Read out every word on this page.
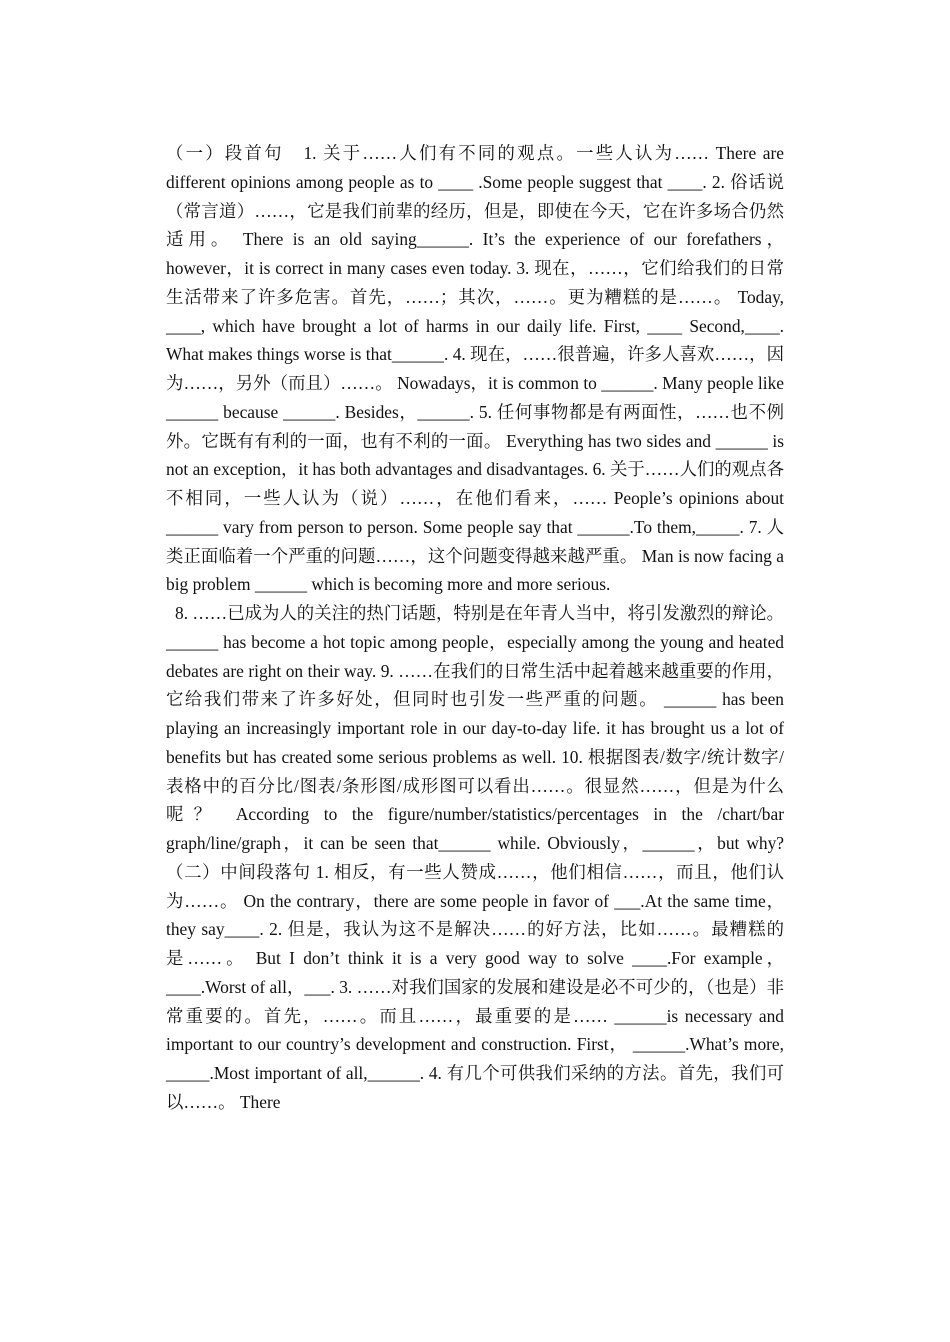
（一）段首句　1. 关于……人们有不同的观点。一些人认为…… There are different opinions among people as to ____ .Some people suggest that ____. 2. 俗话说（常言道）……，它是我们前辈的经历，但是，即使在今天，它在许多场合仍然适用。 There is an old saying______. It’s the experience of our forefathers，however，it is correct in many cases even today. 3. 现在，……，它们给我们的日常生活带来了许多危害。首先，……；其次，……。更为糟糕的是……。 Today, ____, which have brought a lot of harms in our daily life. First, ____ Second,____. What makes things worse is that______. 4. 现在，……很普遍，许多人喜欢……，因为……，另外（而且）……。 Nowadays，it is common to ______. Many people like ______ because ______. Besides，______. 5. 任何事物都是有两面性，……也不例外。它既有有利的一面，也有不利的一面。 Everything has two sides and ______ is not an exception，it has both advantages and disadvantages. 6. 关于……人们的观点各不相同，一些人认为（说）……，在他们看来，…… People’s opinions about ______ vary from person to person. Some people say that ______.To them,_____. 7. 人类正面临着一个严重的问题……，这个问题变得越来越严重。 Man is now facing a big problem ______ which is becoming more and more serious.

8. ……已成为人的关注的热门话题，特别是在年青人当中，将引发激烈的辩论。 ______ has become a hot topic among people，especially among the young and heated debates are right on their way. 9. ……在我们的日常生活中起着越来越重要的作用，它给我们带来了许多好处，但同时也引发一些严重的问题。 ______ has been playing an increasingly important role in our day-to-day life. it has brought us a lot of benefits but has created some serious problems as well. 10. 根据图表/数字/统计数字/表格中的百分比/图表/条形图/成形图可以看出……。很显然……，但是为什么呢？ According to the figure/number/statistics/percentages in the /chart/bar graph/line/graph，it can be seen that______ while. Obviously，______，but why? （二）中间段落句 1. 相反，有一些人赞成……，他们相信……，而且，他们认为……。 On the contrary，there are some people in favor of ___.At the same time，they say____. 2. 但是，我认为这不是解决……的好方法，比如……。最糟糕的是……。 But I don’t think it is a very good way to solve ____.For example，____.Worst of all，___. 3. ……对我们国家的发展和建设是必不可少的，（也是）非常重要的。首先，……。而且……，最重要的是…… ______is necessary and important to our country’s development and construction. First， ______.What’s more, _____.Most important of all,______. 4. 有几个可供我们采纳的方法。首先，我们可以……。 There
